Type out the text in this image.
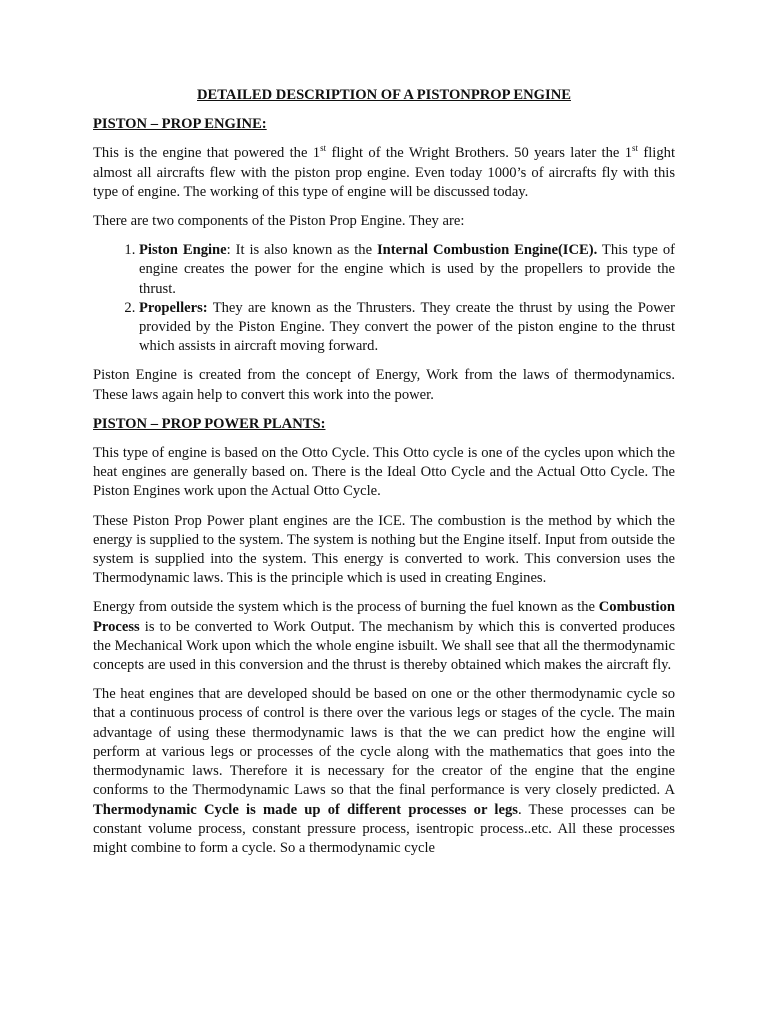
DETAILED DESCRIPTION OF A PISTONPROP ENGINE
PISTON – PROP ENGINE:

This is the engine that powered the 1st flight of the Wright Brothers. 50 years later the 1st flight almost all aircrafts flew with the piston prop engine. Even today 1000’s of aircrafts fly with this type of engine. The working of this type of engine will be discussed today.

There are two components of the Piston Prop Engine. They are:

1. Piston Engine: It is also known as the Internal Combustion Engine(ICE). This type of engine creates the power for the engine which is used by the propellers to provide the thrust.
2. Propellers: They are known as the Thrusters. They create the thrust by using the Power provided by the Piston Engine. They convert the power of the piston engine to the thrust which assists in aircraft moving forward.

Piston Engine is created from the concept of Energy, Work from the laws of thermodynamics. These laws again help to convert this work into the power.

PISTON – PROP POWER PLANTS:

This type of engine is based on the Otto Cycle. This Otto cycle is one of the cycles upon which the heat engines are generally based on. There is the Ideal Otto Cycle and the Actual Otto Cycle. The Piston Engines work upon the Actual Otto Cycle.

These Piston Prop Power plant engines are the ICE. The combustion is the method by which the energy is supplied to the system. The system is nothing but the Engine itself. Input from outside the system is supplied into the system. This energy is converted to work. This conversion uses the Thermodynamic laws. This is the principle which is used in creating Engines.

Energy from outside the system which is the process of burning the fuel known as the Combustion Process is to be converted to Work Output. The mechanism by which this is converted produces the Mechanical Work upon which the whole engine isbuilt. We shall see that all the thermodynamic concepts are used in this conversion and the thrust is thereby obtained which makes the aircraft fly.

The heat engines that are developed should be based on one or the other thermodynamic cycle so that a continuous process of control is there over the various legs or stages of the cycle. The main advantage of using these thermodynamic laws is that the we can predict how the engine will perform at various legs or processes of the cycle along with the mathematics that goes into the thermodynamic laws. Therefore it is necessary for the creator of the engine that the engine conforms to the Thermodynamic Laws so that the final performance is very closely predicted. A Thermodynamic Cycle is made up of different processes or legs. These processes can be constant volume process, constant pressure process, isentropic process..etc. All these processes might combine to form a cycle. So a thermodynamic cycle
